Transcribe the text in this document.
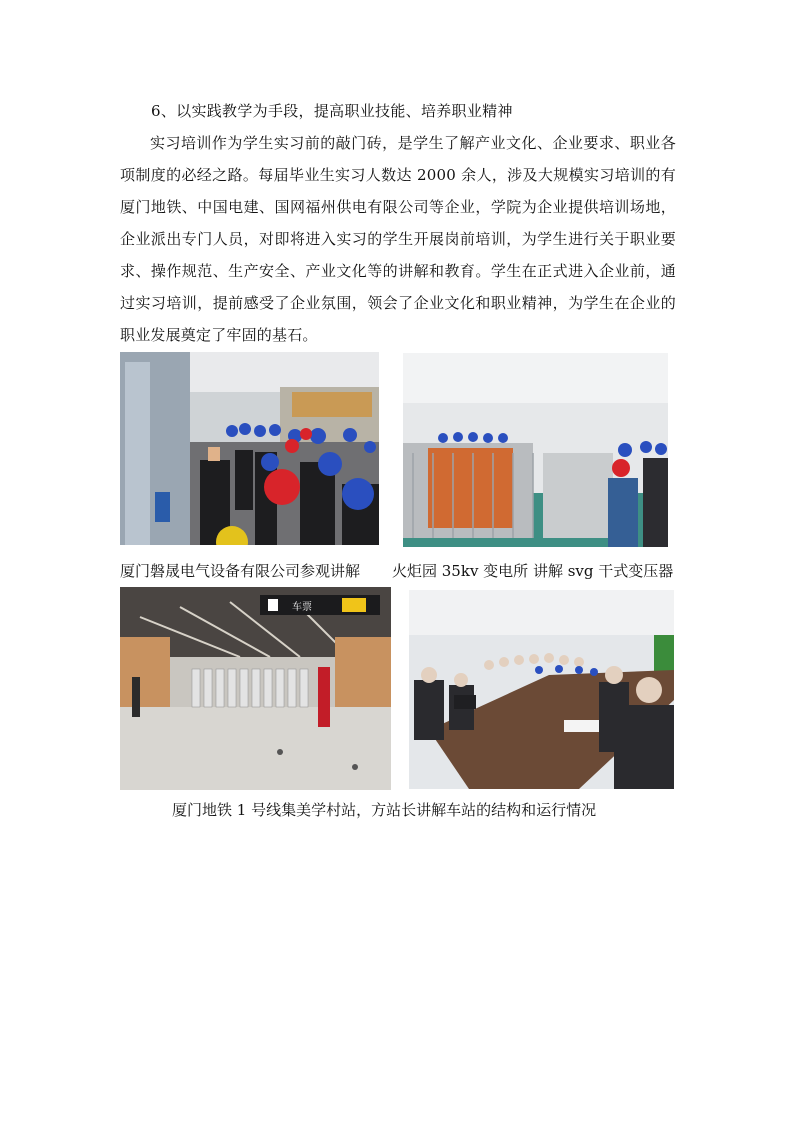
6、以实践教学为手段，提高职业技能、培养职业精神
实习培训作为学生实习前的敲门砖，是学生了解产业文化、企业要求、职业各项制度的必经之路。每届毕业生实习人数达 2000 余人，涉及大规模实习培训的有厦门地铁、中国电建、国网福州供电有限公司等企业，学院为企业提供培训场地，企业派出专门人员，对即将进入实习的学生开展岗前培训，为学生进行关于职业要求、操作规范、生产安全、产业文化等的讲解和教育。学生在正式进入企业前，通过实习培训，提前感受了企业氛围，领会了企业文化和职业精神，为学生在企业的职业发展奠定了牢固的基石。
厦门磐晟电气设备有限公司参观讲解 火炬园 35kv 变电所 讲解 svg 干式变压器
车票
厦门地铁 1 号线集美学村站，方站长讲解车站的结构和运行情况
